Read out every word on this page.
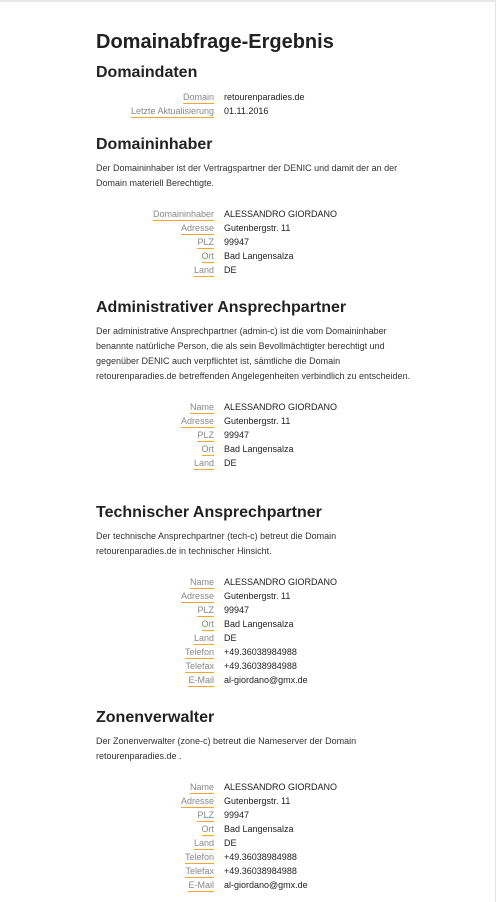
Domainabfrage-Ergebnis
Domaindaten
Domain	retourenparadies.de
Letzte Aktualisierung	01.11.2016
Domaininhaber

Der Domaininhaber ist der Vertragspartner der DENIC und damit der an der Domain materiell Berechtigte.

Domaininhaber	ALESSANDRO GIORDANO
Adresse	Gutenbergstr. 11
PLZ	99947
Ort	Bad Langensalza
Land	DE
Administrativer Ansprechpartner

Der administrative Ansprechpartner (admin-c) ist die vom Domaininhaber benannte natürliche Person, die als sein Bevollmächtigter berechtigt und gegenüber DENIC auch verpflichtet ist, sämtliche die Domain retourenparadies.de betreffenden Angelegenheiten verbindlich zu entscheiden.

Name	ALESSANDRO GIORDANO
Adresse	Gutenbergstr. 11
PLZ	99947
Ort	Bad Langensalza
Land	DE
Technischer Ansprechpartner

Der technische Ansprechpartner (tech-c) betreut die Domain retourenparadies.de in technischer Hinsicht.

Name	ALESSANDRO GIORDANO
Adresse	Gutenbergstr. 11
PLZ	99947
Ort	Bad Langensalza
Land	DE
Telefon	+49.36038984988
Telefax	+49.36038984988
E-Mail	al-giordano@gmx.de
Zonenverwalter

Der Zonenverwalter (zone-c) betreut die Nameserver der Domain retourenparadies.de .

Name	ALESSANDRO GIORDANO
Adresse	Gutenbergstr. 11
PLZ	99947
Ort	Bad Langensalza
Land	DE
Telefon	+49.36038984988
Telefax	+49.36038984988
E-Mail	al-giordano@gmx.de
